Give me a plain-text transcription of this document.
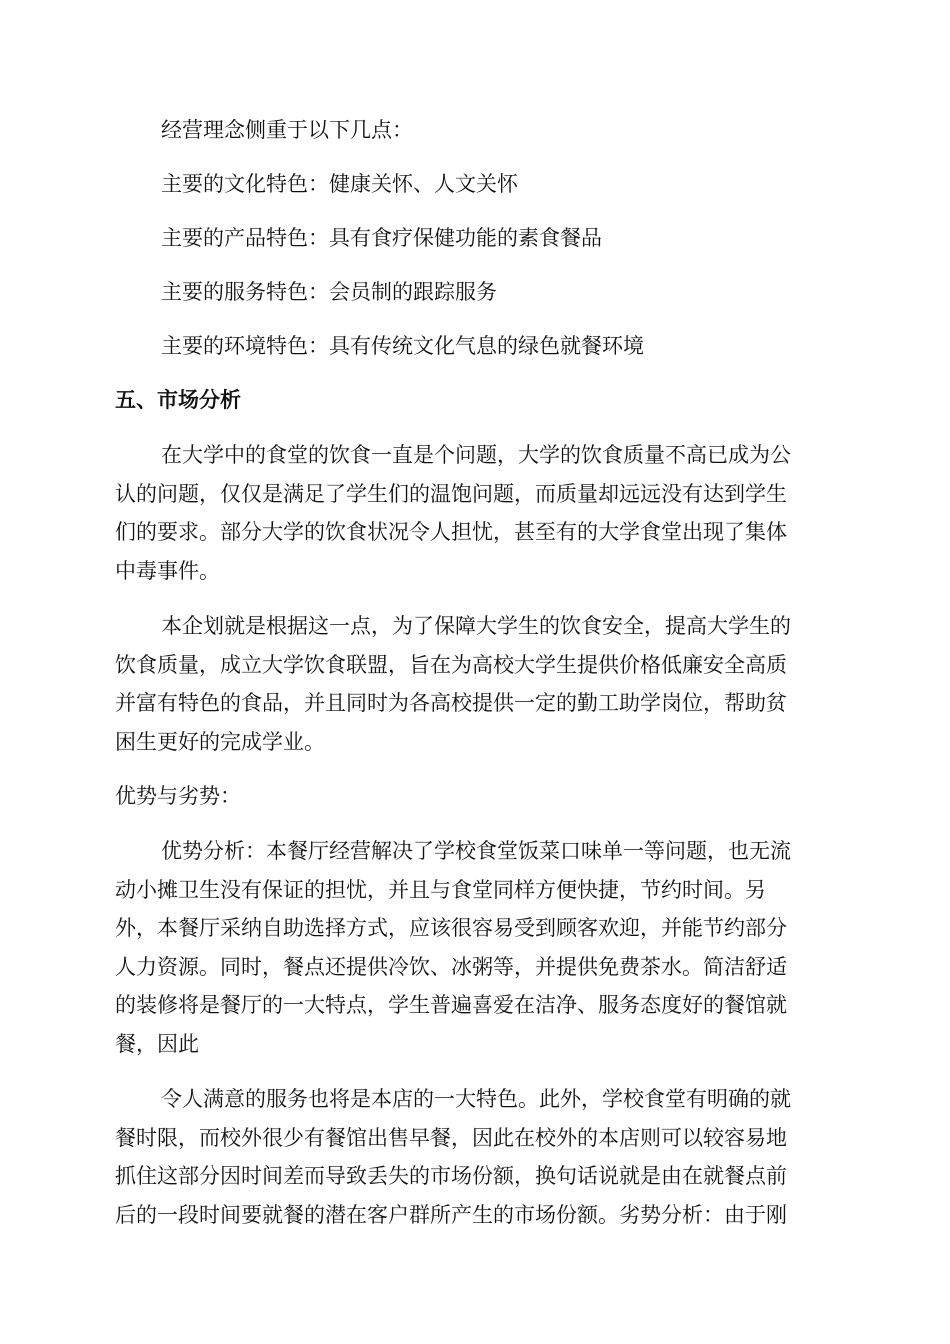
经营理念侧重于以下几点：

主要的文化特色：健康关怀、人文关怀

主要的产品特色：具有食疗保健功能的素食餐品

主要的服务特色：会员制的跟踪服务

主要的环境特色：具有传统文化气息的绿色就餐环境

五、市场分析
在大学中的食堂的饮食一直是个问题，大学的饮食质量不高已成为公
认的问题，仅仅是满足了学生们的温饱问题，而质量却远远没有达到学生
们的要求。部分大学的饮食状况令人担忧，甚至有的大学食堂出现了集体
中毒事件。
本企划就是根据这一点，为了保障大学生的饮食安全，提高大学生的
饮食质量，成立大学饮食联盟，旨在为高校大学生提供价格低廉安全高质
并富有特色的食品，并且同时为各高校提供一定的勤工助学岗位，帮助贫
困生更好的完成学业。

优势与劣势：

优势分析：本餐厅经营解决了学校食堂饭菜口味单一等问题，也无流
动小摊卫生没有保证的担忧，并且与食堂同样方便快捷，节约时间。另
外，本餐厅采纳自助选择方式，应该很容易受到顾客欢迎，并能节约部分
人力资源。同时，餐点还提供冷饮、冰粥等，并提供免费茶水。简洁舒适
的装修将是餐厅的一大特点，学生普遍喜爱在洁净、服务态度好的餐馆就
餐，因此
令人满意的服务也将是本店的一大特色。此外，学校食堂有明确的就
餐时限，而校外很少有餐馆出售早餐，因此在校外的本店则可以较容易地
抓住这部分因时间差而导致丢失的市场份额，换句话说就是由在就餐点前
后的一段时间要就餐的潜在客户群所产生的市场份额。劣势分析：由于刚
